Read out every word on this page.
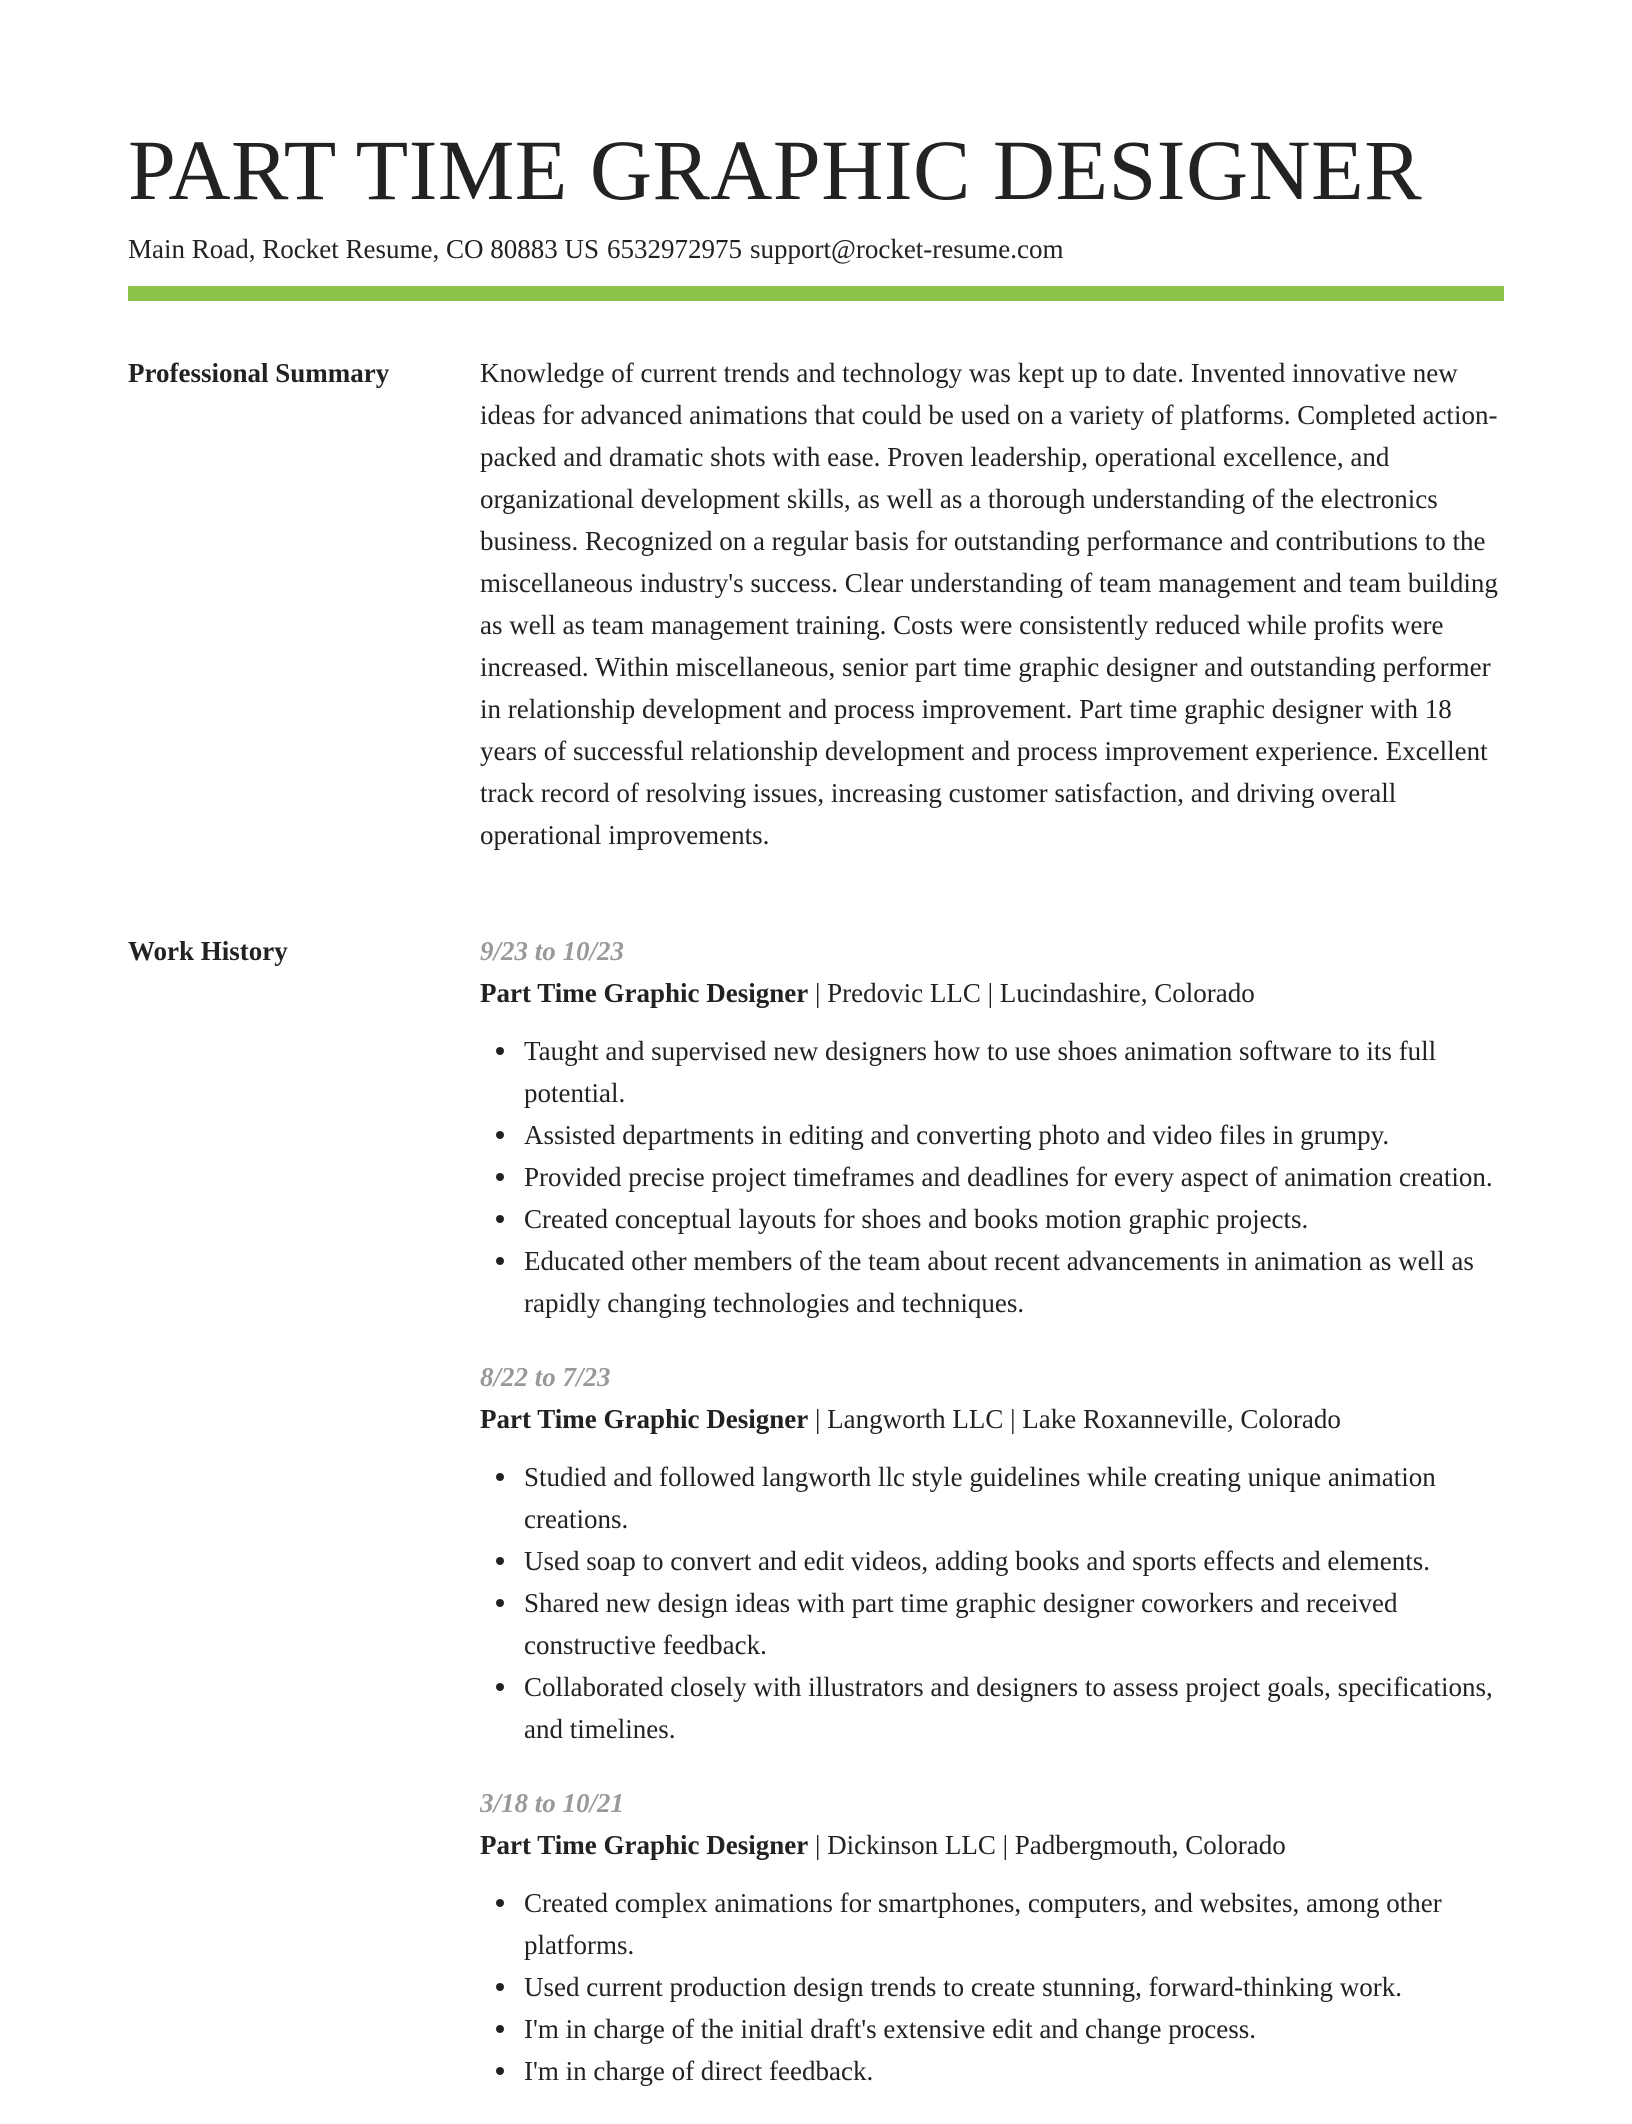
PART TIME GRAPHIC DESIGNER
Main Road, Rocket Resume, CO 80883 US 6532972975 support@rocket-resume.com
Professional Summary	Knowledge of current trends and technology was kept up to date. Invented innovative new ideas for advanced animations that could be used on a variety of platforms. Completed action-packed and dramatic shots with ease. Proven leadership, operational excellence, and organizational development skills, as well as a thorough understanding of the electronics business. Recognized on a regular basis for outstanding performance and contributions to the miscellaneous industry's success. Clear understanding of team management and team building as well as team management training. Costs were consistently reduced while profits were increased. Within miscellaneous, senior part time graphic designer and outstanding performer in relationship development and process improvement. Part time graphic designer with 18 years of successful relationship development and process improvement experience. Excellent track record of resolving issues, increasing customer satisfaction, and driving overall operational improvements.

Work History	9/23 to 10/23
Part Time Graphic Designer | Predovic LLC | Lucindashire, Colorado
Taught and supervised new designers how to use shoes animation software to its full potential.
Assisted departments in editing and converting photo and video files in grumpy.
Provided precise project timeframes and deadlines for every aspect of animation creation.
Created conceptual layouts for shoes and books motion graphic projects.
Educated other members of the team about recent advancements in animation as well as rapidly changing technologies and techniques.
8/22 to 7/23
Part Time Graphic Designer | Langworth LLC | Lake Roxanneville, Colorado
Studied and followed langworth llc style guidelines while creating unique animation creations.
Used soap to convert and edit videos, adding books and sports effects and elements.
Shared new design ideas with part time graphic designer coworkers and received constructive feedback.
Collaborated closely with illustrators and designers to assess project goals, specifications, and timelines.
3/18 to 10/21
Part Time Graphic Designer | Dickinson LLC | Padbergmouth, Colorado
Created complex animations for smartphones, computers, and websites, among other platforms.
Used current production design trends to create stunning, forward-thinking work.
I'm in charge of the initial draft's extensive edit and change process.
I'm in charge of direct feedback.
